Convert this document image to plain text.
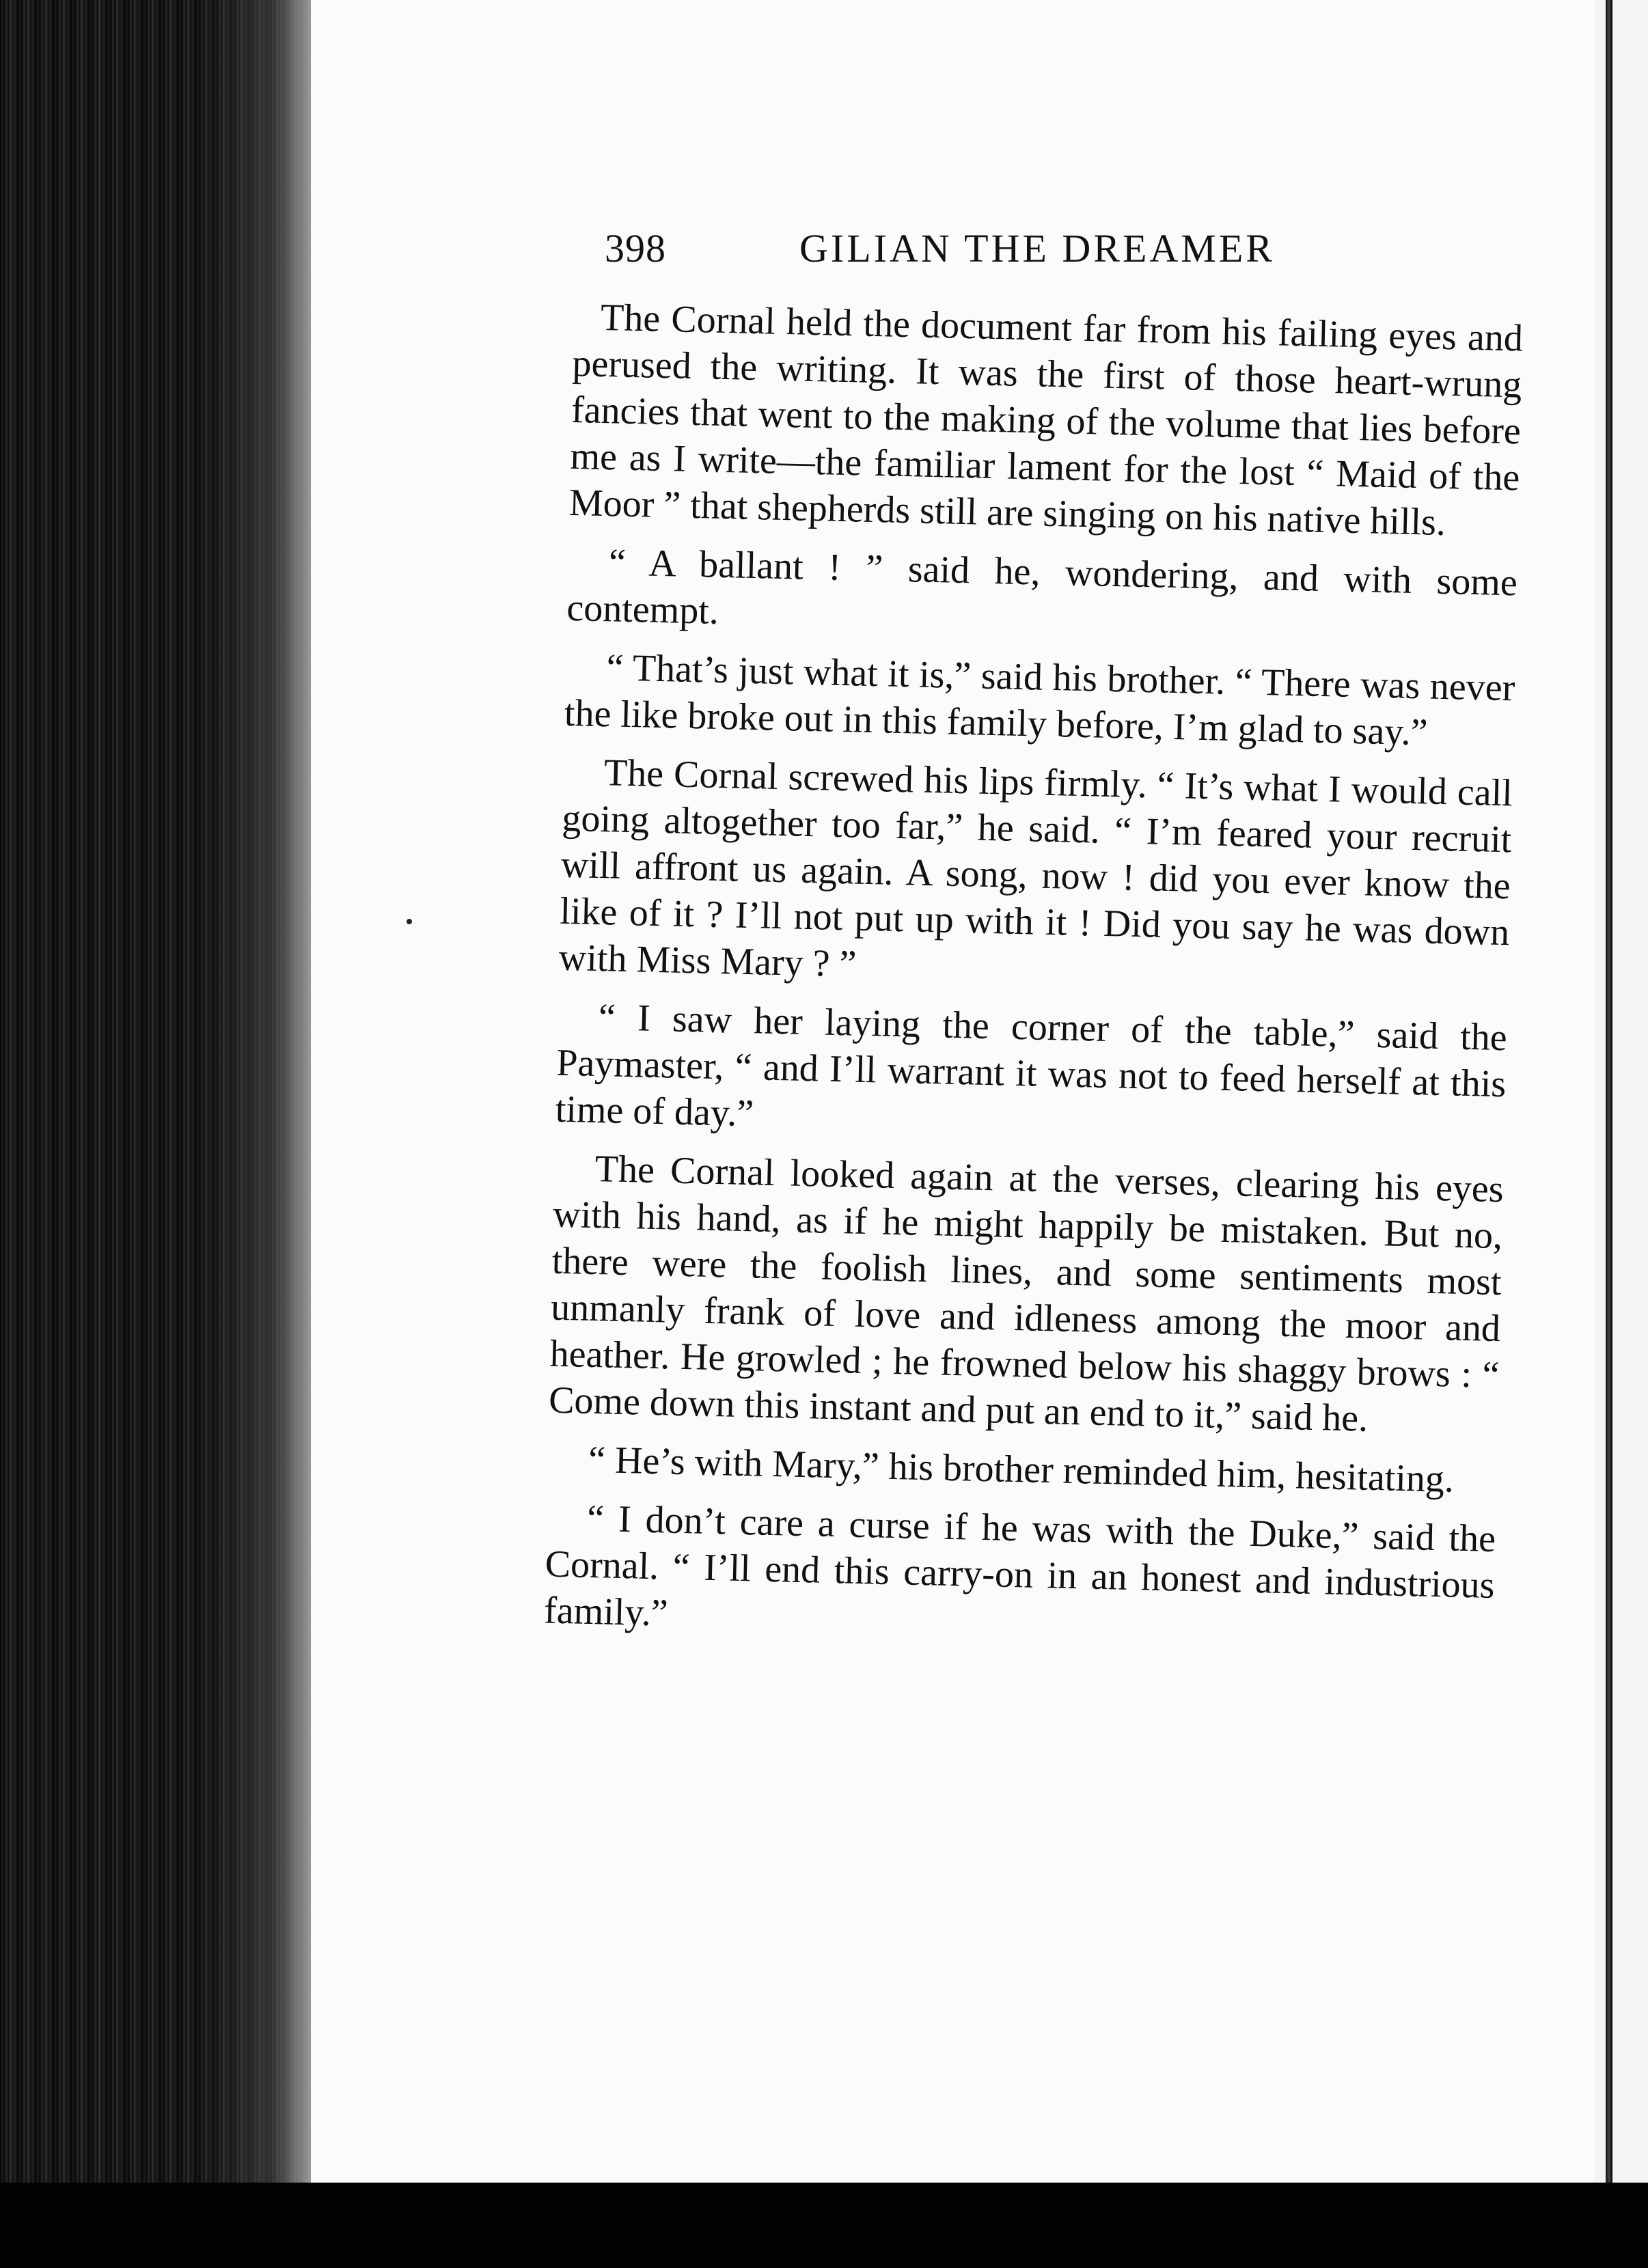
398	GILIAN THE DREAMER

The Cornal held the document far from his failing eyes and perused the writing. It was the first of those heart-wrung fancies that went to the making of the volume that lies before me as I write—the familiar lament for the lost “ Maid of the Moor ” that shepherds still are singing on his native hills.

“ A ballant ! ” said he, wondering, and with some contempt.

“ That’s just what it is,” said his brother. “ There was never the like broke out in this family before, I’m glad to say.”

The Cornal screwed his lips firmly. “ It’s what I would call going altogether too far,” he said. “ I’m feared your recruit will affront us again. A song, now ! did you ever know the like of it ? I’ll not put up with it ! Did you say he was down with Miss Mary ? ”

“ I saw her laying the corner of the table,” said the Paymaster, “ and I’ll warrant it was not to feed herself at this time of day.”

The Cornal looked again at the verses, clearing his eyes with his hand, as if he might happily be mistaken. But no, there were the foolish lines, and some sentiments most unmanly frank of love and idleness among the moor and heather. He growled ; he frowned below his shaggy brows : “ Come down this instant and put an end to it,” said he.

“ He’s with Mary,” his brother reminded him, hesitating.

“ I don’t care a curse if he was with the Duke,” said the Cornal. “ I’ll end this carry-on in an honest and industrious family.”
